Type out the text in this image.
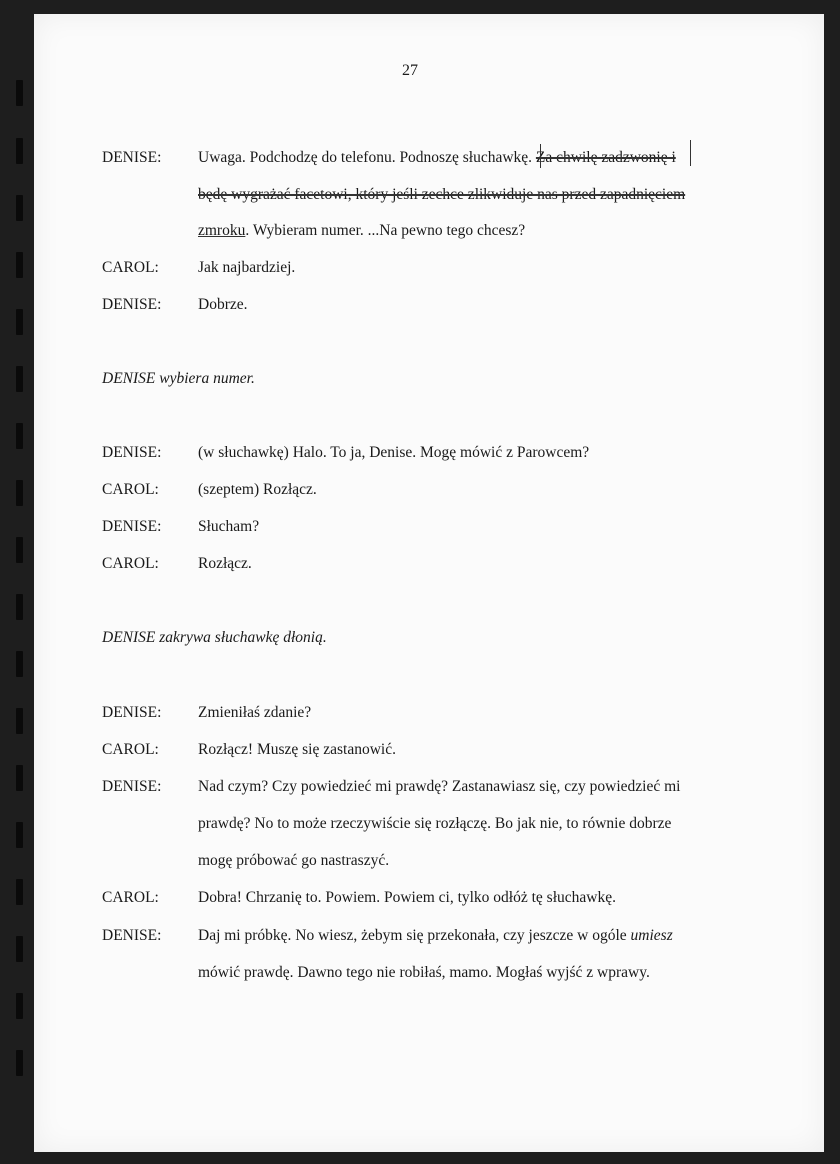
27
DENISE: Uwaga. Podchodzę do telefonu. Podnoszę słuchawkę. Za chwilę zadzwonię i
będę wygrażać facetowi, który jeśli zechce zlikwiduje nas przed zapadnięciem
zmroku. Wybieram numer. ...Na pewno tego chcesz?
CAROL:	Jak najbardziej.
DENISE: Dobrze.
DENISE wybiera numer.
DENISE: (w słuchawkę) Halo. To ja, Denise. Mogę mówić z Parowcem?
CAROL:	(szeptem) Rozłącz.
DENISE: Słucham?
CAROL:	Rozłącz.
DENISE zakrywa słuchawkę dłonią.
DENISE: Zmieniłaś zdanie?
CAROL:	Rozłącz! Muszę się zastanowić.
DENISE: Nad czym? Czy powiedzieć mi prawdę? Zastanawiasz się, czy powiedzieć mi
prawdę? No to może rzeczywiście się rozłączę. Bo jak nie, to równie dobrze
mogę próbować go nastraszyć.
CAROL:	Dobra! Chrzanię to. Powiem. Powiem ci, tylko odłóż tę słuchawkę.
DENISE: Daj mi próbkę. No wiesz, żebym się przekonała, czy jeszcze w ogóle umiesz
mówić prawdę. Dawno tego nie robiłaś, mamo. Mogłaś wyjść z wprawy.
